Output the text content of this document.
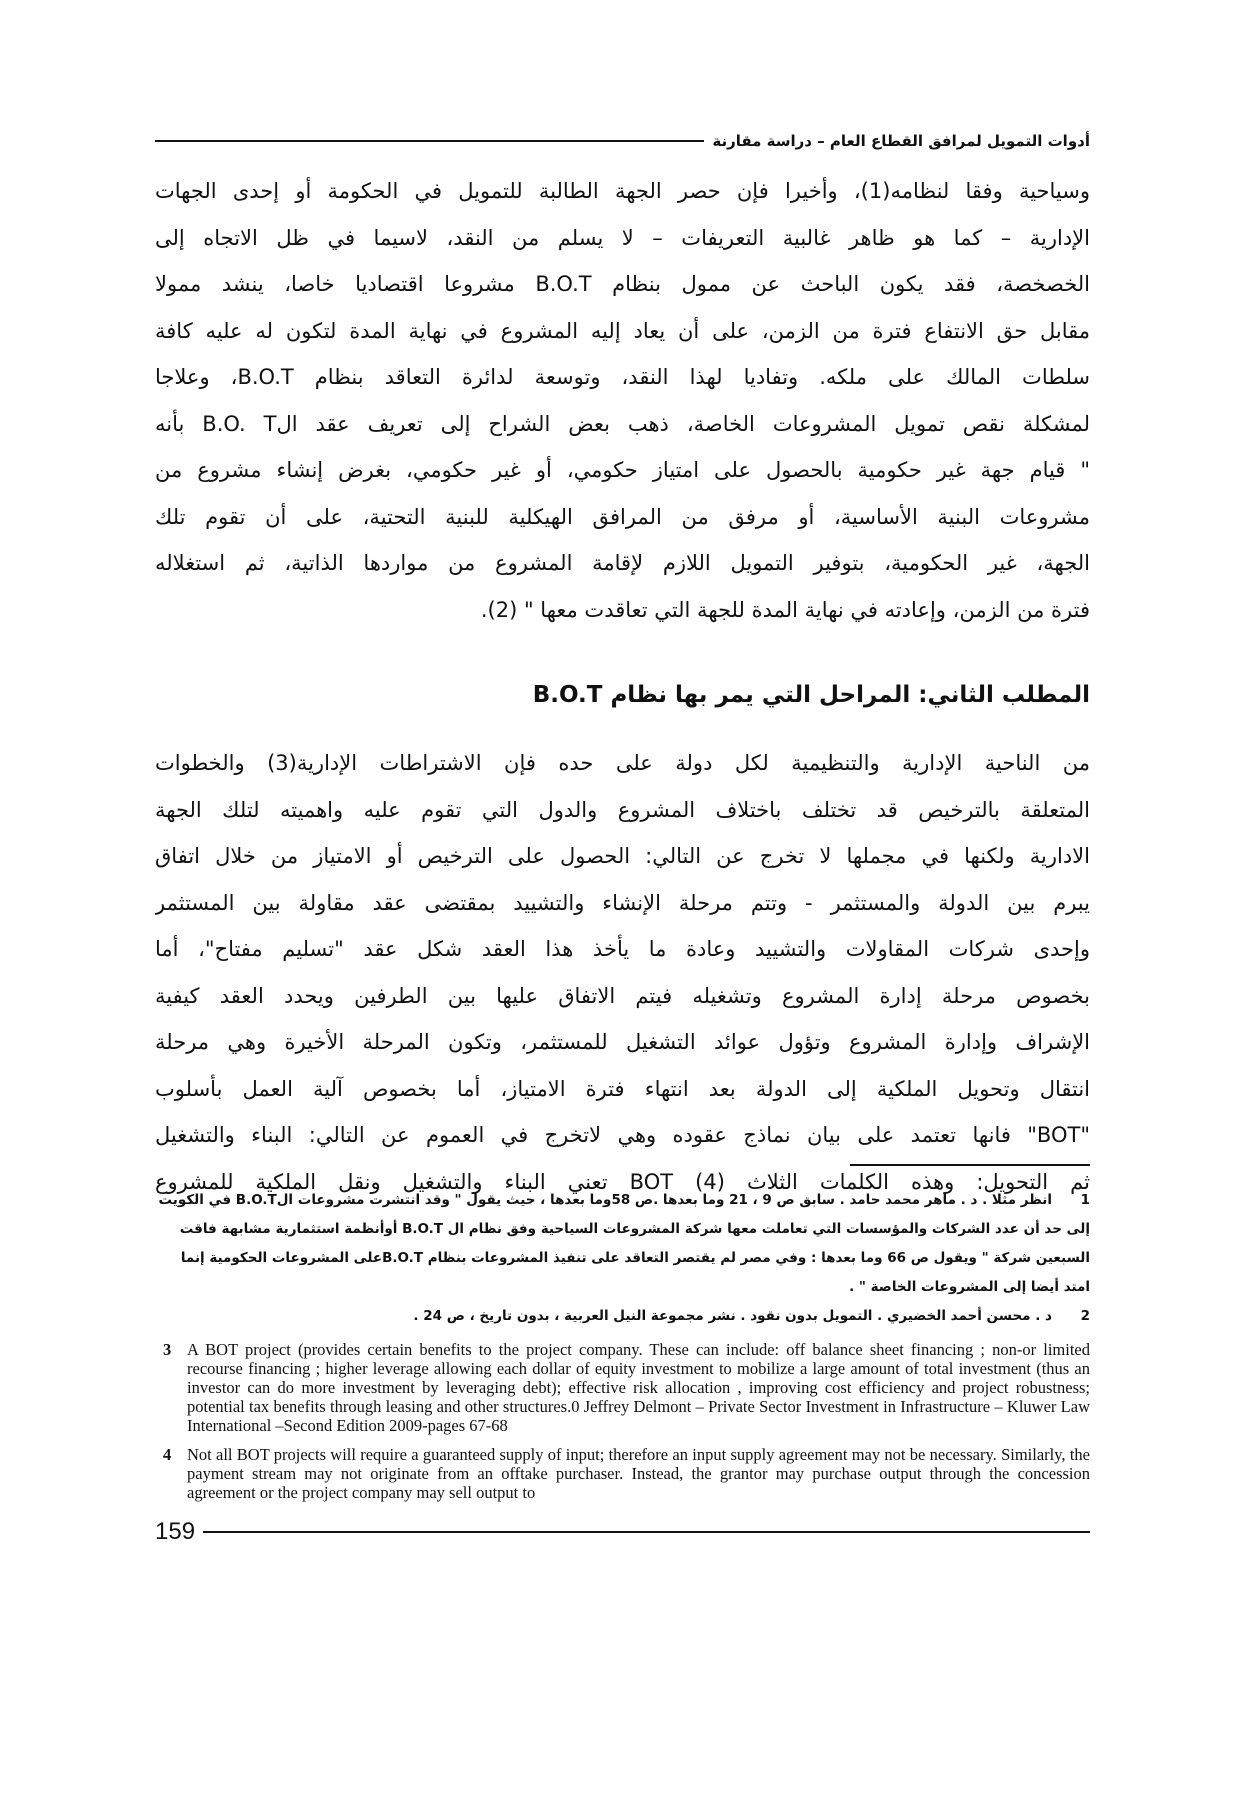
أدوات التمويل لمرافق القطاع العام – دراسة مقارنة
وسياحية وفقا لنظامه(1)، وأخيرا فإن حصر الجهة الطالبة للتمويل في الحكومة أو إحدى الجهات
الإدارية – كما هو ظاهر غالبية التعريفات – لا يسلم من النقد، لاسيما في ظل الاتجاه إلى
الخصخصة، فقد يكون الباحث عن ممول بنظام B.O.T مشروعا اقتصاديا خاصا، ينشد ممولا
مقابل حق الانتفاع فترة من الزمن، على أن يعاد إليه المشروع في نهاية المدة لتكون له عليه كافة
سلطات المالك على ملكه. وتفاديا لهذا النقد، وتوسعة لدائرة التعاقد بنظام B.O.T، وعلاجا
لمشكلة نقص تمويل المشروعات الخاصة، ذهب بعض الشراح إلى تعريف عقد الB.O. T بأنه
" قيام جهة غير حكومية بالحصول على امتياز حكومي، أو غير حكومي، بغرض إنشاء مشروع من
مشروعات البنية الأساسية، أو مرفق من المرافق الهيكلية للبنية التحتية، على أن تقوم تلك
الجهة، غير الحكومية، بتوفير التمويل اللازم لإقامة المشروع من مواردها الذاتية، ثم استغلاله
فترة من الزمن، وإعادته في نهاية المدة للجهة التي تعاقدت معها " (2).
المطلب الثاني: المراحل التي يمر بها نظام B.O.T
من الناحية الإدارية والتنظيمية لكل دولة على حده فإن الاشتراطات الإدارية(3) والخطوات
المتعلقة بالترخيص قد تختلف باختلاف المشروع والدول التي تقوم عليه واهميته لتلك الجهة
الادارية ولكنها في مجملها لا تخرج عن التالي: الحصول على الترخيص أو الامتياز من خلال اتفاق
يبرم بين الدولة والمستثمر - وتتم مرحلة الإنشاء والتشييد بمقتضى عقد مقاولة بين المستثمر
وإحدى شركات المقاولات والتشييد وعادة ما يأخذ هذا العقد شكل عقد "تسليم مفتاح"، أما
بخصوص مرحلة إدارة المشروع وتشغيله فيتم الاتفاق عليها بين الطرفين ويحدد العقد كيفية
الإشراف وإدارة المشروع وتؤول عوائد التشغيل للمستثمر، وتكون المرحلة الأخيرة وهي مرحلة
انتقال وتحويل الملكية إلى الدولة بعد انتهاء فترة الامتياز، أما بخصوص آلية العمل بأسلوب
"BOT" فانها تعتمد على بيان نماذج عقوده وهي لاتخرج في العموم عن التالي: البناء والتشغيل
ثم التحويل: وهذه الكلمات الثلاث (4) BOT تعني البناء والتشغيل ونقل الملكية للمشروع
1انظر مثلا . د . ماهر محمد حامد . سابق ص 9 ، 21 وما بعدها .ص 58وما بعدها ، حيث يقول " وقد انتشرت مشروعات الB.O.T في الكويت إلى حد أن عدد الشركات والمؤسسات التي تعاملت معها شركة المشروعات السياحية وفق نظام ال B.O.T أوأنظمة استثمارية مشابهة فاقت السبعين شركة " ويقول ص 66 وما بعدها : وفي مصر لم يقتصر التعاقد على تنفيذ المشروعات بنظام B.O.Tعلى المشروعات الحكومية إنما امتد أيضا إلى المشروعات الخاصة " .
2د . محسن أحمد الخضيري . التمويل بدون نقود . نشر مجموعة النيل العربية ، بدون تاريخ ، ص 24 .
3 A BOT project (provides certain benefits to the project company. These can include: off balance sheet financing ; non-or limited recourse financing ; higher leverage allowing each dollar of equity investment to mobilize a large amount of total investment (thus an investor can do more investment by leveraging debt); effective risk allocation , improving cost efficiency and project robustness; potential tax benefits through leasing and other structures.0 Jeffrey Delmont – Private Sector Investment in Infrastructure – Kluwer Law International –Second Edition 2009-pages 67-68
4 Not all BOT projects will require a guaranteed supply of input; therefore an input supply agreement may not be necessary. Similarly, the payment stream may not originate from an offtake purchaser. Instead, the grantor may purchase output through the concession agreement or the project company may sell output to
159
